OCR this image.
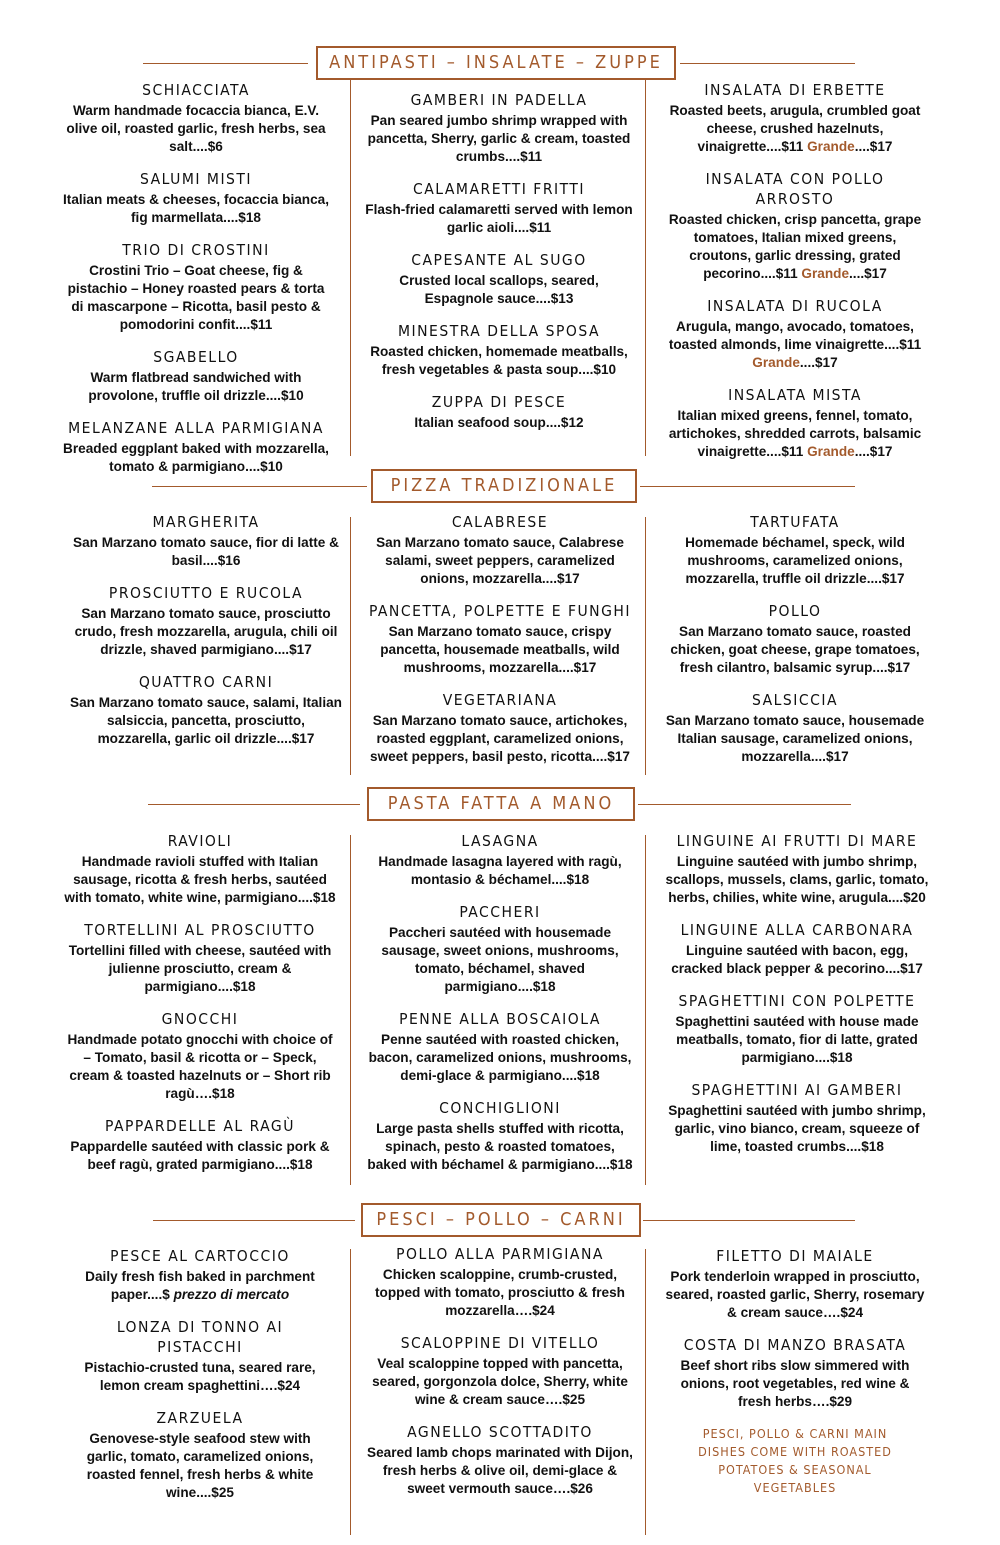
ANTIPASTI – INSALATE – ZUPPE
SCHIACCIATA
Warm handmade focaccia bianca, E.V. olive oil, roasted garlic, fresh herbs, sea salt....$6
SALUMI MISTI
Italian meats & cheeses, focaccia bianca, fig marmellata....$18
TRIO DI CROSTINI
Crostini Trio – Goat cheese, fig & pistachio – Honey roasted pears & torta di mascarpone – Ricotta, basil pesto & pomodorini confit....$11
SGABELLO
Warm flatbread sandwiched with provolone, truffle oil drizzle....$10
MELANZANE ALLA PARMIGIANA
Breaded eggplant baked with mozzarella, tomato & parmigiano....$10
GAMBERI IN PADELLA
Pan seared jumbo shrimp wrapped with pancetta, Sherry, garlic & cream, toasted crumbs....$11
CALAMARETTI FRITTI
Flash-fried calamaretti served with lemon garlic aioli....$11
CAPESANTE AL SUGO
Crusted local scallops, seared, Espagnole sauce....$13
MINESTRA DELLA SPOSA
Roasted chicken, homemade meatballs, fresh vegetables & pasta soup....$10
ZUPPA DI PESCE
Italian seafood soup....$12
INSALATA DI ERBETTE
Roasted beets, arugula, crumbled goat cheese, crushed hazelnuts, vinaigrette....$11 Grande....$17
INSALATA CON POLLO ARROSTO
Roasted chicken, crisp pancetta, grape tomatoes, Italian mixed greens, croutons, garlic dressing, grated pecorino....$11 Grande....$17
INSALATA DI RUCOLA
Arugula, mango, avocado, tomatoes, toasted almonds, lime vinaigrette....$11 Grande....$17
INSALATA MISTA
Italian mixed greens, fennel, tomato, artichokes, shredded carrots, balsamic vinaigrette....$11 Grande....$17
PIZZA TRADIZIONALE
MARGHERITA
San Marzano tomato sauce, fior di latte & basil....$16
PROSCIUTTO E RUCOLA
San Marzano tomato sauce, prosciutto crudo, fresh mozzarella, arugula, chili oil drizzle, shaved parmigiano....$17
QUATTRO CARNI
San Marzano tomato sauce, salami, Italian salsiccia, pancetta, prosciutto, mozzarella, garlic oil drizzle....$17
CALABRESE
San Marzano tomato sauce, Calabrese salami, sweet peppers, caramelized onions, mozzarella....$17
PANCETTA, POLPETTE E FUNGHI
San Marzano tomato sauce, crispy pancetta, housemade meatballs, wild mushrooms, mozzarella....$17
VEGETARIANA
San Marzano tomato sauce, artichokes, roasted eggplant, caramelized onions, sweet peppers, basil pesto, ricotta....$17
TARTUFATA
Homemade béchamel, speck, wild mushrooms, caramelized onions, mozzarella, truffle oil drizzle....$17
POLLO
San Marzano tomato sauce, roasted chicken, goat cheese, grape tomatoes, fresh cilantro, balsamic syrup....$17
SALSICCIA
San Marzano tomato sauce, housemade Italian sausage, caramelized onions, mozzarella....$17
PASTA FATTA A MANO
RAVIOLI
Handmade ravioli stuffed with Italian sausage, ricotta & fresh herbs, sautéed with tomato, white wine, parmigiano....$18
TORTELLINI AL PROSCIUTTO
Tortellini filled with cheese, sautéed with julienne prosciutto, cream & parmigiano....$18
GNOCCHI
Handmade potato gnocchi with choice of – Tomato, basil & ricotta or – Speck, cream & toasted hazelnuts or – Short rib ragù….$18
PAPPARDELLE AL RAGÙ
Pappardelle sautéed with classic pork & beef ragù, grated parmigiano....$18
LASAGNA
Handmade lasagna layered with ragù, montasio & béchamel....$18
PACCHERI
Paccheri sautéed with housemade sausage, sweet onions, mushrooms, tomato, béchamel, shaved parmigiano....$18
PENNE ALLA BOSCAIOLA
Penne sautéed with roasted chicken, bacon, caramelized onions, mushrooms, demi-glace & parmigiano....$18
CONCHIGLIONI
Large pasta shells stuffed with ricotta, spinach, pesto & roasted tomatoes, baked with béchamel & parmigiano....$18
LINGUINE AI FRUTTI DI MARE
Linguine sautéed with jumbo shrimp, scallops, mussels, clams, garlic, tomato, herbs, chilies, white wine, arugula....$20
LINGUINE ALLA CARBONARA
Linguine sautéed with bacon, egg, cracked black pepper & pecorino....$17
SPAGHETTINI CON POLPETTE
Spaghettini sautéed with house made meatballs, tomato, fior di latte, grated parmigiano....$18
SPAGHETTINI AI GAMBERI
Spaghettini sautéed with jumbo shrimp, garlic, vino bianco, cream, squeeze of lime, toasted crumbs....$18
PESCI – POLLO – CARNI
PESCE AL CARTOCCIO
Daily fresh fish baked in parchment paper....$ prezzo di mercato
LONZA DI TONNO AI PISTACCHI
Pistachio-crusted tuna, seared rare, lemon cream spaghettini….$24
ZARZUELA
Genovese-style seafood stew with garlic, tomato, caramelized onions, roasted fennel, fresh herbs & white wine....$25
POLLO ALLA PARMIGIANA
Chicken scaloppine, crumb-crusted, topped with tomato, prosciutto & fresh mozzarella….$24
SCALOPPINE DI VITELLO
Veal scaloppine topped with pancetta, seared, gorgonzola dolce, Sherry, white wine & cream sauce….$25
AGNELLO SCOTTADITO
Seared lamb chops marinated with Dijon, fresh herbs & olive oil, demi-glace & sweet vermouth sauce….$26
FILETTO DI MAIALE
Pork tenderloin wrapped in prosciutto, seared, roasted garlic, Sherry, rosemary & cream sauce….$24
COSTA DI MANZO BRASATA
Beef short ribs slow simmered with onions, root vegetables, red wine & fresh herbs….$29
PESCI, POLLO & CARNI MAIN DISHES COME WITH ROASTED POTATOES & SEASONAL VEGETABLES
